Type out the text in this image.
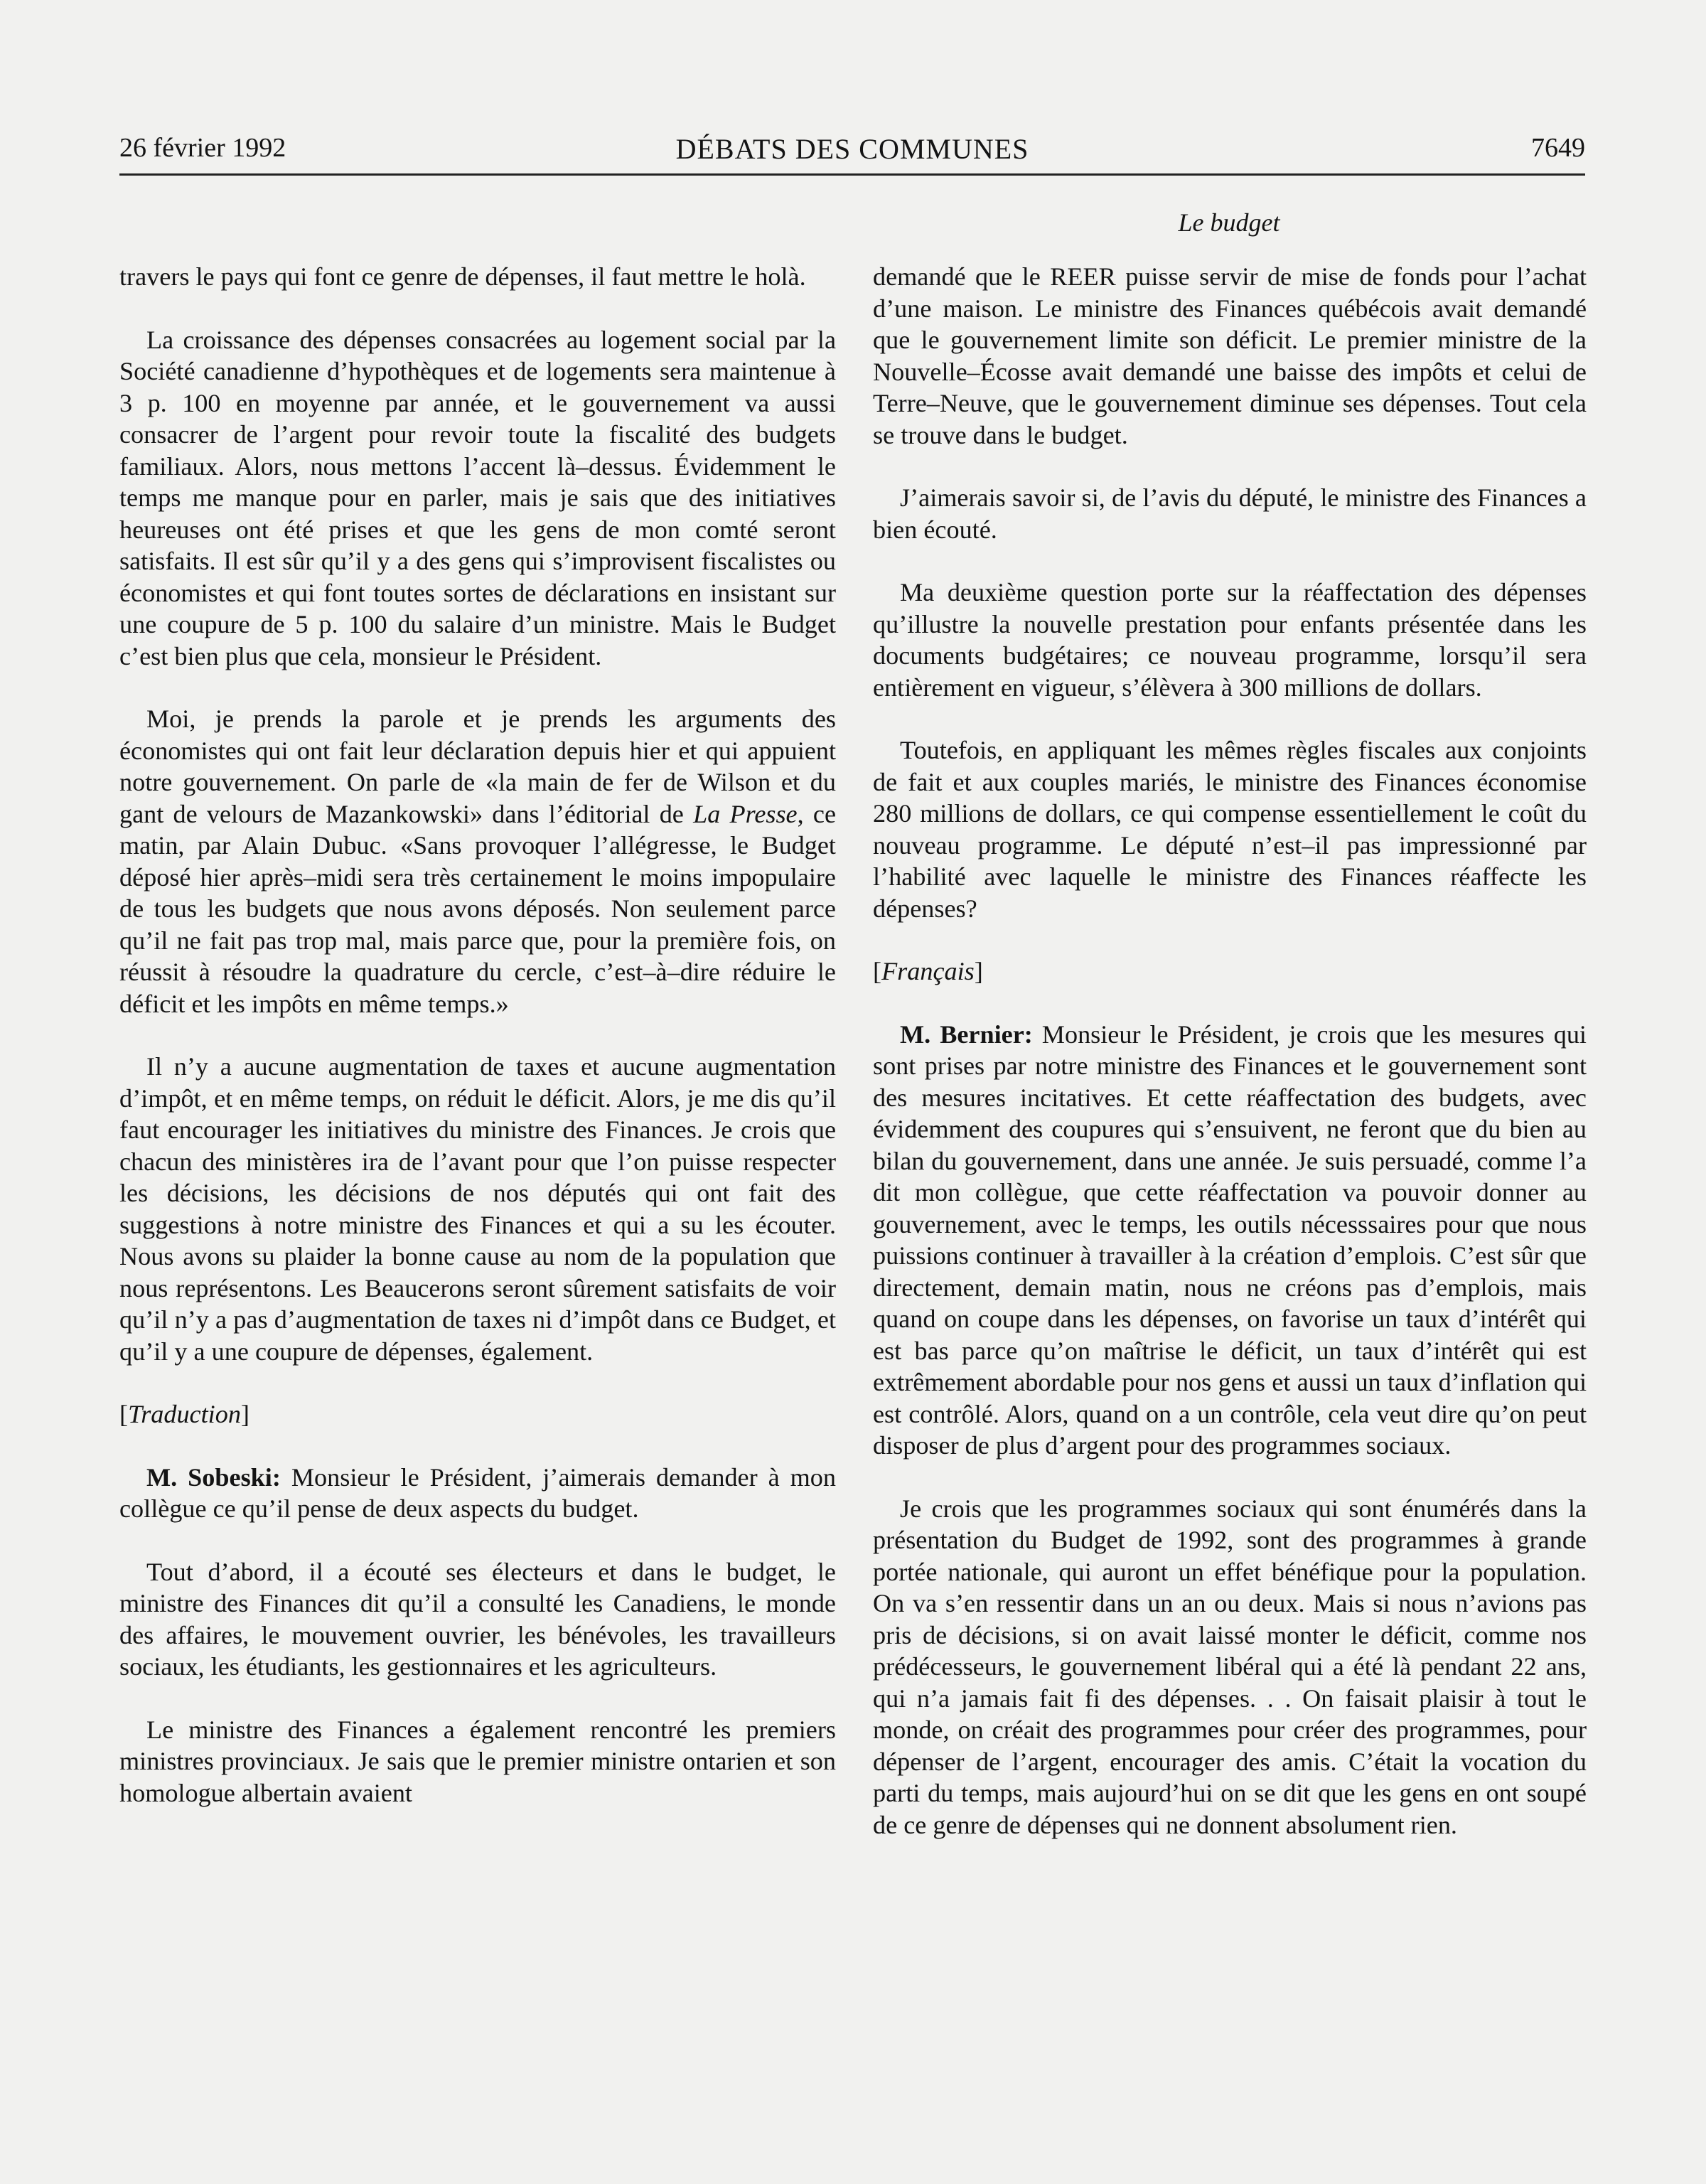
26 février 1992	DÉBATS DES COMMUNES	7649
Le budget

travers le pays qui font ce genre de dépenses, il faut mettre le holà.

La croissance des dépenses consacrées au logement social par la Société canadienne d’hypothèques et de logements sera maintenue à 3 p. 100 en moyenne par année, et le gouvernement va aussi consacrer de l’argent pour revoir toute la fiscalité des budgets familiaux. Alors, nous mettons l’accent là–dessus. Évidemment le temps me manque pour en parler, mais je sais que des initiatives heureuses ont été prises et que les gens de mon comté seront satisfaits. Il est sûr qu’il y a des gens qui s’improvisent fiscalistes ou économistes et qui font toutes sortes de déclarations en insistant sur une coupure de 5 p. 100 du salaire d’un ministre. Mais le Budget c’est bien plus que cela, monsieur le Président.

Moi, je prends la parole et je prends les arguments des économistes qui ont fait leur déclaration depuis hier et qui appuient notre gouvernement. On parle de «la main de fer de Wilson et du gant de velours de Mazankowski» dans l’éditorial de La Presse, ce matin, par Alain Dubuc. «Sans provoquer l’allégresse, le Budget déposé hier après–midi sera très certainement le moins impopulaire de tous les budgets que nous avons déposés. Non seulement parce qu’il ne fait pas trop mal, mais parce que, pour la première fois, on réussit à résoudre la quadrature du cercle, c’est–à–dire réduire le déficit et les impôts en même temps.»

Il n’y a aucune augmentation de taxes et aucune augmentation d’impôt, et en même temps, on réduit le déficit. Alors, je me dis qu’il faut encourager les initiatives du ministre des Finances. Je crois que chacun des ministères ira de l’avant pour que l’on puisse respecter les décisions, les décisions de nos députés qui ont fait des suggestions à notre ministre des Finances et qui a su les écouter. Nous avons su plaider la bonne cause au nom de la population que nous représentons. Les Beaucerons seront sûrement satisfaits de voir qu’il n’y a pas d’augmentation de taxes ni d’impôt dans ce Budget, et qu’il y a une coupure de dépenses, également.

[Traduction]

M. Sobeski: Monsieur le Président, j’aimerais demander à mon collègue ce qu’il pense de deux aspects du budget.

Tout d’abord, il a écouté ses électeurs et dans le budget, le ministre des Finances dit qu’il a consulté les Canadiens, le monde des affaires, le mouvement ouvrier, les bénévoles, les travailleurs sociaux, les étudiants, les gestionnaires et les agriculteurs.

Le ministre des Finances a également rencontré les premiers ministres provinciaux. Je sais que le premier ministre ontarien et son homologue albertain avaient

demandé que le REER puisse servir de mise de fonds pour l’achat d’une maison. Le ministre des Finances québécois avait demandé que le gouvernement limite son déficit. Le premier ministre de la Nouvelle–Écosse avait demandé une baisse des impôts et celui de Terre–Neuve, que le gouvernement diminue ses dépenses. Tout cela se trouve dans le budget.

J’aimerais savoir si, de l’avis du député, le ministre des Finances a bien écouté.

Ma deuxième question porte sur la réaffectation des dépenses qu’illustre la nouvelle prestation pour enfants présentée dans les documents budgétaires; ce nouveau programme, lorsqu’il sera entièrement en vigueur, s’élèvera à 300 millions de dollars.

Toutefois, en appliquant les mêmes règles fiscales aux conjoints de fait et aux couples mariés, le ministre des Finances économise 280 millions de dollars, ce qui compense essentiellement le coût du nouveau programme. Le député n’est–il pas impressionné par l’habilité avec laquelle le ministre des Finances réaffecte les dépenses?

[Français]

M. Bernier: Monsieur le Président, je crois que les mesures qui sont prises par notre ministre des Finances et le gouvernement sont des mesures incitatives. Et cette réaffectation des budgets, avec évidemment des coupures qui s’ensuivent, ne feront que du bien au bilan du gouvernement, dans une année. Je suis persuadé, comme l’a dit mon collègue, que cette réaffectation va pouvoir donner au gouvernement, avec le temps, les outils nécesssaires pour que nous puissions continuer à travailler à la création d’emplois. C’est sûr que directement, demain matin, nous ne créons pas d’emplois, mais quand on coupe dans les dépenses, on favorise un taux d’intérêt qui est bas parce qu’on maîtrise le déficit, un taux d’intérêt qui est extrêmement abordable pour nos gens et aussi un taux d’inflation qui est contrôlé. Alors, quand on a un contrôle, cela veut dire qu’on peut disposer de plus d’argent pour des programmes sociaux.

Je crois que les programmes sociaux qui sont énumérés dans la présentation du Budget de 1992, sont des programmes à grande portée nationale, qui auront un effet bénéfique pour la population. On va s’en ressentir dans un an ou deux. Mais si nous n’avions pas pris de décisions, si on avait laissé monter le déficit, comme nos prédécesseurs, le gouvernement libéral qui a été là pendant 22 ans, qui n’a jamais fait fi des dépenses. . . On faisait plaisir à tout le monde, on créait des programmes pour créer des programmes, pour dépenser de l’argent, encourager des amis. C’était la vocation du parti du temps, mais aujourd’hui on se dit que les gens en ont soupé de ce genre de dépenses qui ne donnent absolument rien.
